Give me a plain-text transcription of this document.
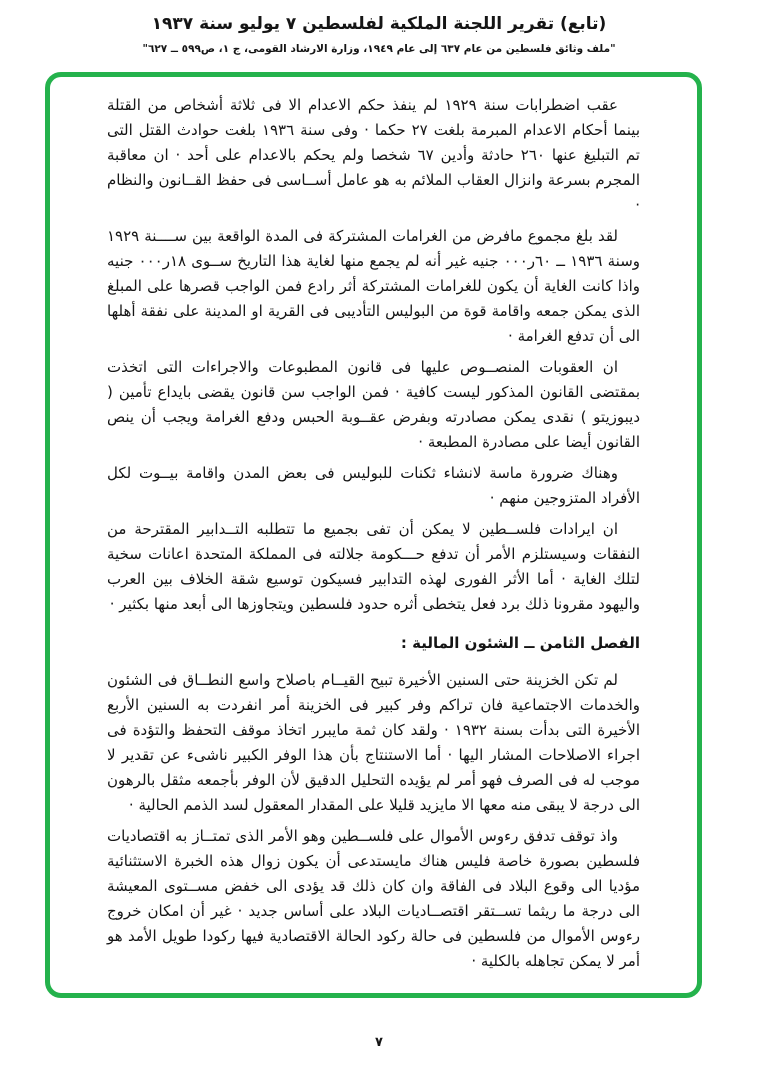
(تابع) تقرير اللجنة الملكية لفلسطين ٧ يوليو سنة ١٩٣٧
"ملف وثائق فلسطين من عام ٦٣٧ إلى عام ١٩٤٩، وزارة الارشاد القومى، ج ١، ص٥٩٩ ــ ٦٢٧"

عقب اضطرابات سنة ١٩٢٩ لم ينفذ حكم الاعدام الا فى ثلاثة أشخاص من القتلة بينما أحكام الاعدام المبرمة بلغت ٢٧ حكما · وفى سنة ١٩٣٦ بلغت حوادث القتل التى تم التبليغ عنها ٢٦٠ حادثة وأدين ٦٧ شخصا ولم يحكم بالاعدام على أحد · ان معاقبة المجرم بسرعة وانزال العقاب الملائم به هو عامل أســاسى فى حفظ القــانون والنظام ·

لقد بلغ مجموع مافرض من الغرامات المشتركة فى المدة الواقعة بين ســــنة ١٩٢٩ وسنة ١٩٣٦ ــ ٦٠ر٠٠٠ جنيه غير أنه لم يجمع منها لغاية هذا التاريخ ســوى ١٨ر٠٠٠ جنيه واذا كانت الغاية أن يكون للغرامات المشتركة أثر رادع فمن الواجب قصرها على المبلغ الذى يمكن جمعه واقامة قوة من البوليس التأديبى فى القرية او المدينة على نفقة أهلها الى أن تدفع الغرامة ·

ان العقوبات المنصــوص عليها فى قانون المطبوعات والاجراءات التى اتخذت بمقتضى القانون المذكور ليست كافية · فمن الواجب سن قانون يقضى بايداع تأمين ( ديبوزيتو ) نقدى يمكن مصادرته وبفرض عقــوبة الحبس ودفع الغرامة ويجب أن ينص القانون أيضا على مصادرة المطبعة ·

وهناك ضرورة ماسة لانشاء ثكنات للبوليس فى بعض المدن واقامة بيــوت لكل الأفراد المتزوجين منهم ·

ان ايرادات فلســطين لا يمكن أن تفى بجميع ما تتطلبه التــدابير المقترحة من النفقات وسيستلزم الأمر أن تدفع حـــكومة جلالته فى المملكة المتحدة اعانات سخية لتلك الغاية · أما الأثر الفورى لهذه التدابير فسيكون توسيع شقة الخلاف بين العرب واليهود مقرونا ذلك برد فعل يتخطى أثره حدود فلسطين ويتجاوزها الى أبعد منها بكثير ·

الفصل الثامن ــ الشئون المالية :

لم تكن الخزينة حتى السنين الأخيرة تبيح القيــام باصلاح واسع النطــاق فى الشئون والخدمات الاجتماعية فان تراكم وفر كبير فى الخزينة أمر انفردت به السنين الأربع الأخيرة التى بدأت بسنة ١٩٣٢ · ولقد كان ثمة مايبرر اتخاذ موقف التحفظ والتؤدة فى اجراء الاصلاحات المشار اليها · أما الاستنتاج بأن هذا الوفر الكبير ناشىء عن تقدير لا موجب له فى الصرف فهو أمر لم يؤيده التحليل الدقيق لأن الوفر بأجمعه مثقل بالرهون الى درجة لا يبقى منه معها الا مايزيد قليلا على المقدار المعقول لسد الذمم الحالية ·

واذ توقف تدفق رءوس الأموال على فلســطين وهو الأمر الذى تمتــاز به اقتصاديات فلسطين بصورة خاصة فليس هناك مايستدعى أن يكون زوال هذه الخبرة الاستثنائية مؤديا الى وقوع البلاد فى الفاقة وان كان ذلك قد يؤدى الى خفض مســتوى المعيشة الى درجة ما ريثما تســتقر اقتصــاديات البلاد على أساس جديد · غير أن امكان خروج رءوس الأموال من فلسطين فى حالة ركود الحالة الاقتصادية فيها ركودا طويل الأمد هو أمر لا يمكن تجاهله بالكلية ·

٧
